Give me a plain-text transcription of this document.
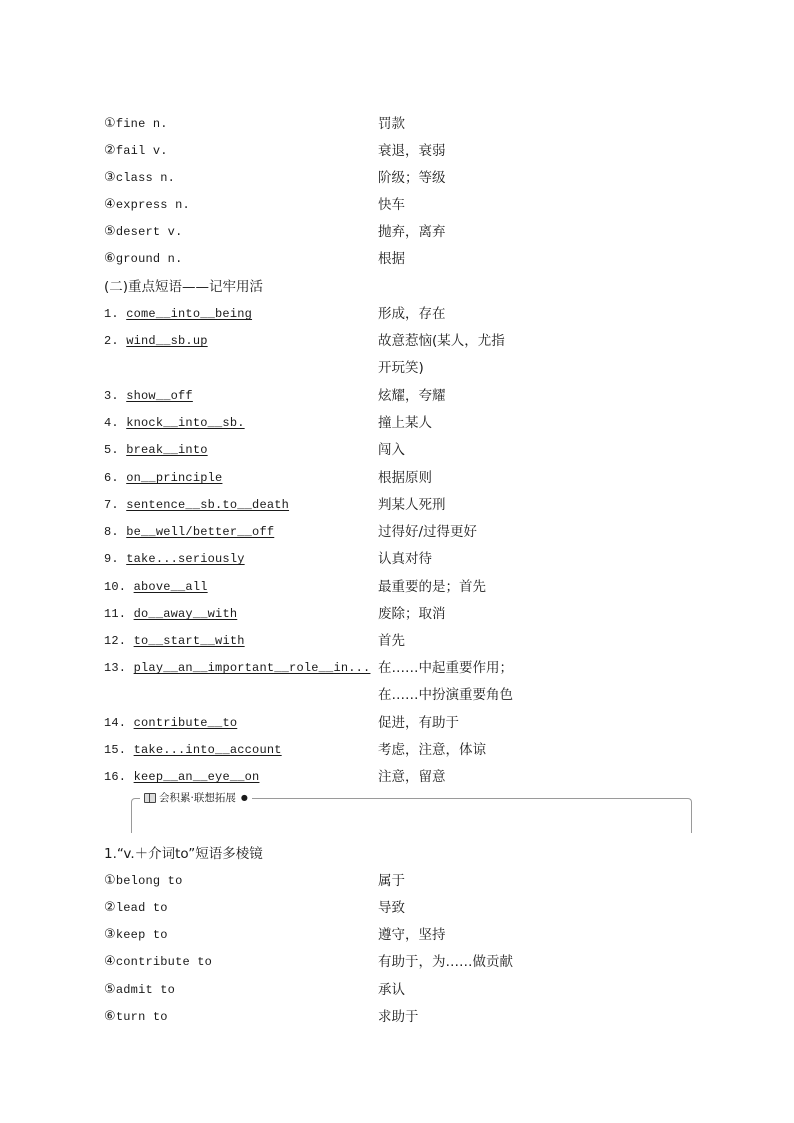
①fine n.	罚款
②fail v.	衰退，衰弱
③class n.	阶级；等级
④express n.	快车
⑤desert v.	抛弃，离弃
⑥ground n.	根据
(二)重点短语——记牢用活
1. come__into__being	形成，存在
2. wind__sb.up	故意惹恼(某人，尤指
开玩笑)
3. show__off	炫耀，夸耀
4. knock__into__sb.	撞上某人
5. break__into	闯入
6. on__principle	根据原则
7. sentence__sb.to__death	判某人死刑
8. be__well/better__off	过得好/过得更好
9. take...seriously	认真对待
10. above__all	最重要的是；首先
11. do__away__with	废除；取消
12. to__start__with	首先
13. play__an__important__role__in... 在……中起重要作用；
在……中扮演重要角色
14. contribute__to	促进，有助于
15. take...into__account	考虑，注意，体谅
16. keep__an__eye__on	注意，留意
会积累·联想拓展 ●
1.“v.＋介词to”短语多棱镜
①belong to	属于
②lead to	导致
③keep to	遵守，坚持
④contribute to	有助于，为……做贡献
⑤admit to	承认
⑥turn to	求助于
